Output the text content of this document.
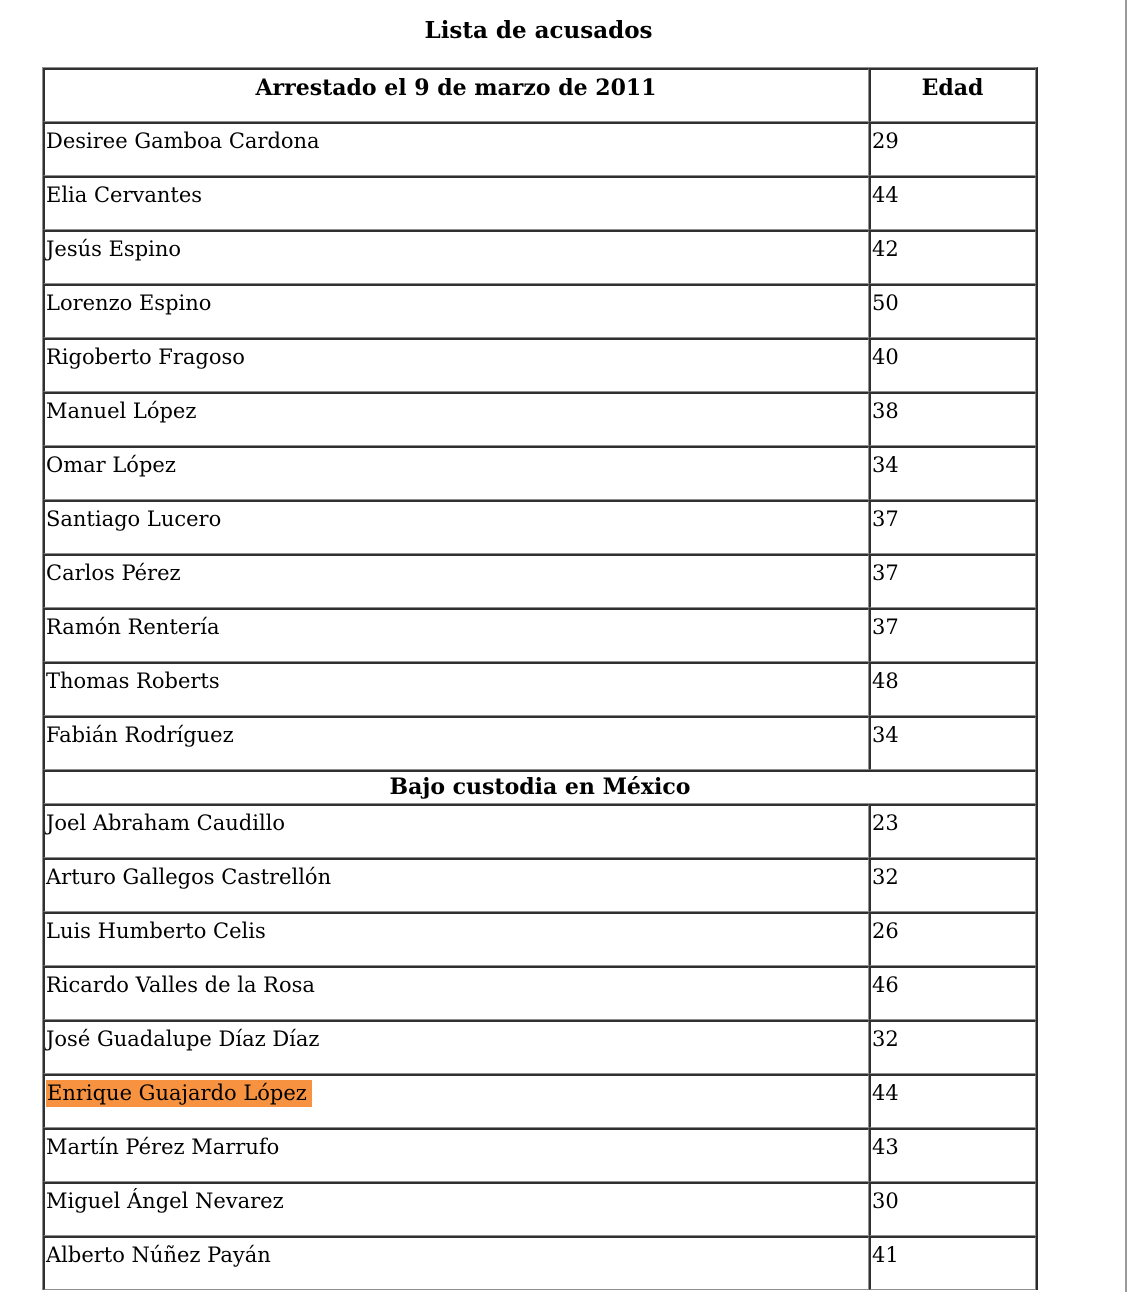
Lista de acusados
Arrestado el 9 de marzo de 2011	Edad
Desiree Gamboa Cardona	29
Elia Cervantes	44
Jesús Espino	42
Lorenzo Espino	50
Rigoberto Fragoso	40
Manuel López	38
Omar López	34
Santiago Lucero	37
Carlos Pérez	37
Ramón Rentería	37
Thomas Roberts	48
Fabián Rodríguez	34
Bajo custodia en México	
Joel Abraham Caudillo	23
Arturo Gallegos Castrellón	32
Luis Humberto Celis	26
Ricardo Valles de la Rosa	46
José Guadalupe Díaz Díaz	32
Enrique Guajardo López	44
Martín Pérez Marrufo	43
Miguel Ángel Nevarez	30
Alberto Núñez Payán	41
